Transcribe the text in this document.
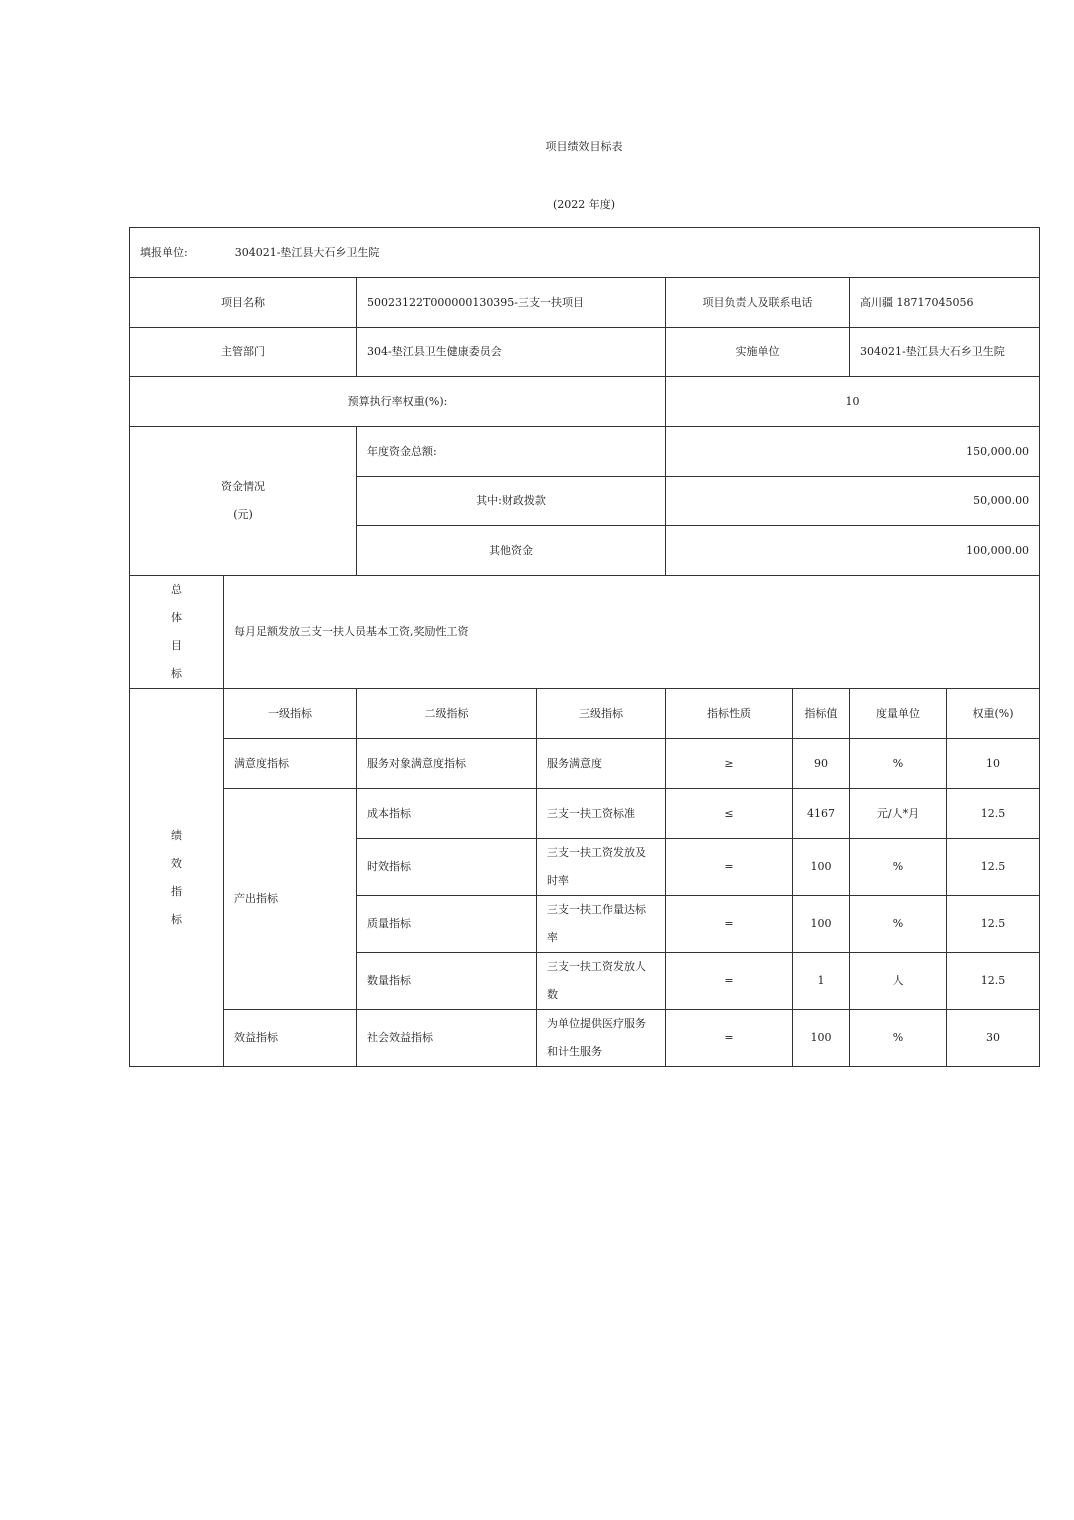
项目绩效目标表
(2022 年度)
填报单位: 304021-垫江县大石乡卫生院							
项目名称		50023122T000000130395-三支一扶项目		项目负责人及联系电话		高川疆 18717045056	
主管部门		304-垫江县卫生健康委员会		实施单位		304021-垫江县大石乡卫生院	
预算执行率权重(%):				10			

资金情况
(元)		年度资金总额:		150,000.00			
		其中:财政拨款		50,000.00			
		其他资金		100,000.00			

总
体
目
标	每月足额发放三支一扶人员基本工资,奖励性工资						

绩
效
指
标	一级指标	二级指标	三级指标	指标性质	指标值	度量单位	权重(%)
	满意度指标	服务对象满意度指标	服务满意度	≥	90	%	10
	产出指标	成本指标	三支一扶工资标准	≤	4167	元/人*月	12.5
		时效指标	三支一扶工资发放及时率	=	100	%	12.5
		质量指标	三支一扶工作量达标率	=	100	%	12.5
		数量指标	三支一扶工资发放人数	=	1	人	12.5
	效益指标	社会效益指标	为单位提供医疗服务和计生服务	=	100	%	30
